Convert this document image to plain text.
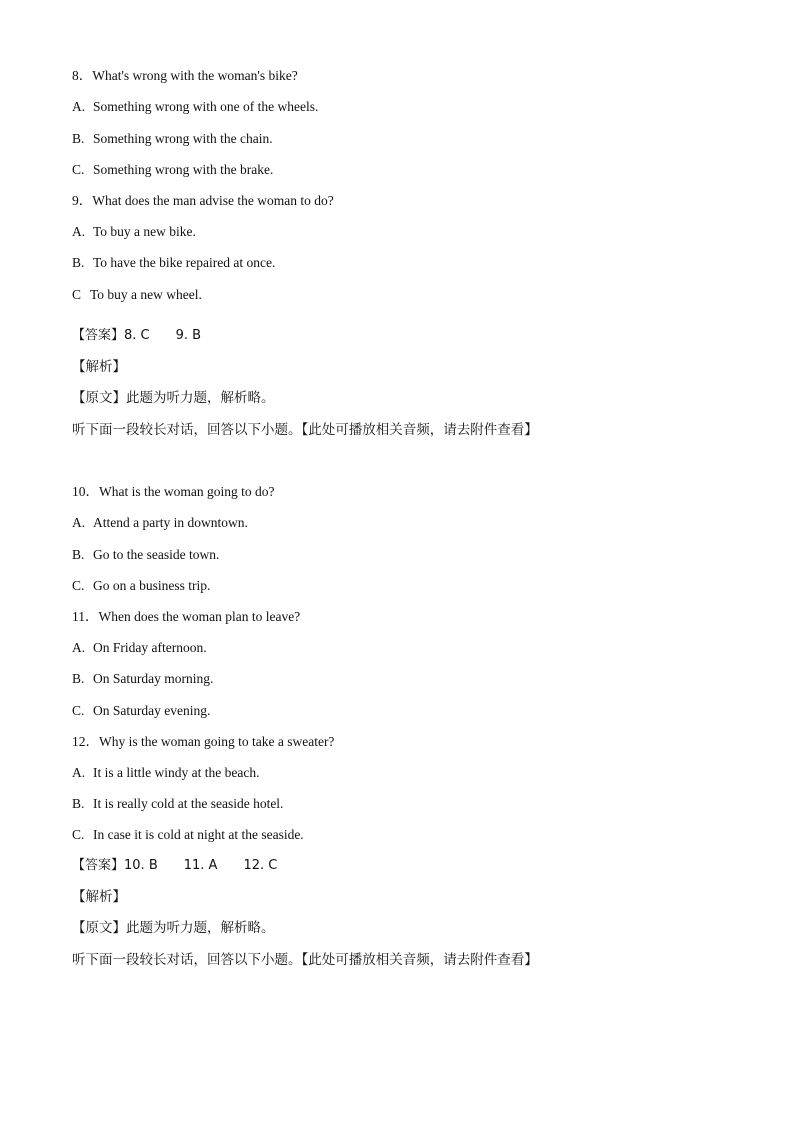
8．What's wrong with the woman's bike?
A. Something wrong with one of the wheels.
B. Something wrong with the chain.
C. Something wrong with the brake.
9．What does the man advise the woman to do?
A. To buy a new bike.
B. To have the bike repaired at once.
C To buy a new wheel.
【答案】8. C 9. B
【解析】
【原文】此题为听力题，解析略。
听下面一段较长对话，回答以下小题。【此处可播放相关音频，请去附件查看】
10．What is the woman going to do?
A. Attend a party in downtown.
B. Go to the seaside town.
C. Go on a business trip.
11．When does the woman plan to leave?
A. On Friday afternoon.
B. On Saturday morning.
C. On Saturday evening.
12．Why is the woman going to take a sweater?
A. It is a little windy at the beach.
B. It is really cold at the seaside hotel.
C. In case it is cold at night at the seaside.
【答案】10. B 11. A 12. C
【解析】
【原文】此题为听力题，解析略。
听下面一段较长对话，回答以下小题。【此处可播放相关音频，请去附件查看】
